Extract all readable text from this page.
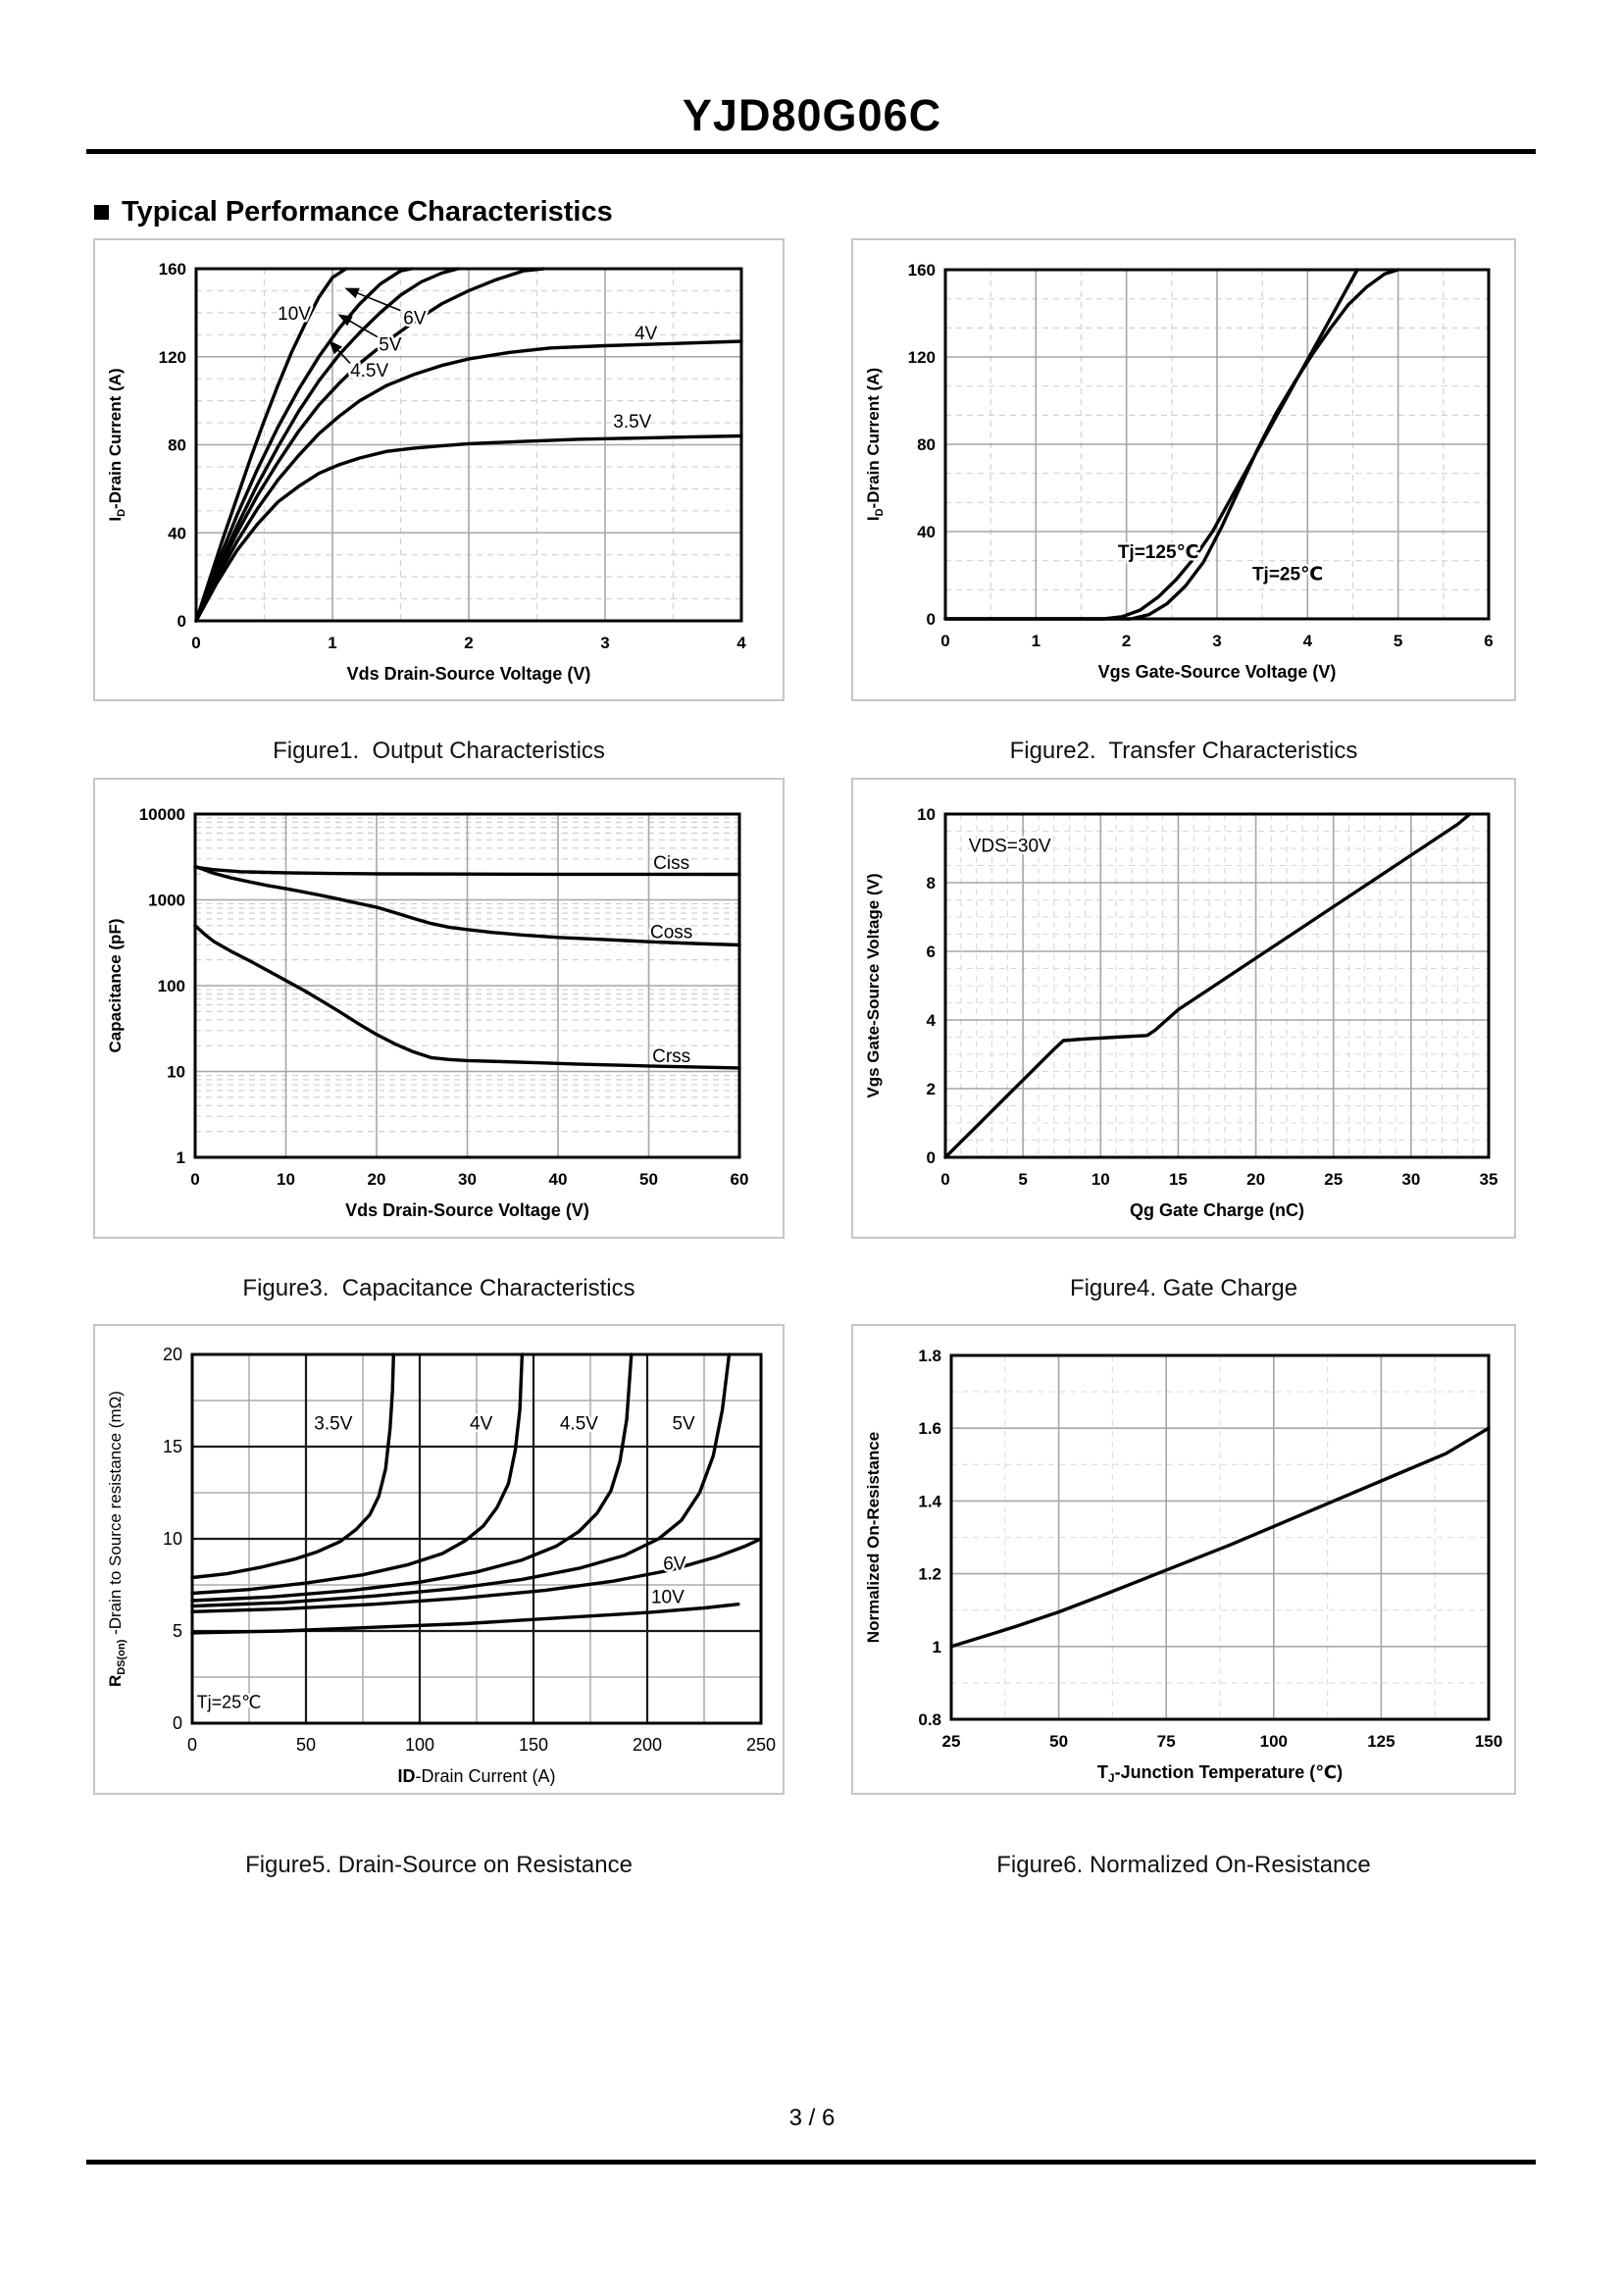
YJD80G06C
Typical Performance Characteristics
10V	6V
5V
4.5V
4V
3.5V
0	1	2	3	4
0
40
80
120
160
Vds Drain-Source Voltage (V)
$I_D$-Drain Current (A)
Figure1.  Output Characteristics
Tj=125℃
Tj=25℃
0	1	2	3	4	5	6
0
40
80
120
160
Vgs Gate-Source Voltage (V)
$I_D$-Drain Current (A)
Figure2.  Transfer Characteristics
Ciss
Coss
Crss
0	10	20	30	40	50	60
1
10
100
1000
10000
Vds Drain-Source Voltage (V)
Capacitance (pF)
Figure3.  Capacitance Characteristics
VDS=30V
0	5	10	15	20	25	30	35
0
2
4
6
8
10
Qg Gate Charge (nC)
Vgs Gate-Source Voltage (V)
Figure4. Gate Charge
3.5V	4V	4.5V	5V
6V
10V
Tj=25℃
0	50	100	150	200	250
0
5
10
15
20
ID-Drain Current (A)
$R_{DS(on)}$ -Drain to Source resistance (mΩ)
Figure5. Drain-Source on Resistance
25	50	75	100	125	150
0.8
1
1.2
1.4
1.6
1.8
$T_J$-Junction Temperature (℃)
Normalized On-Resistance
Figure6. Normalized On-Resistance
3 / 6
